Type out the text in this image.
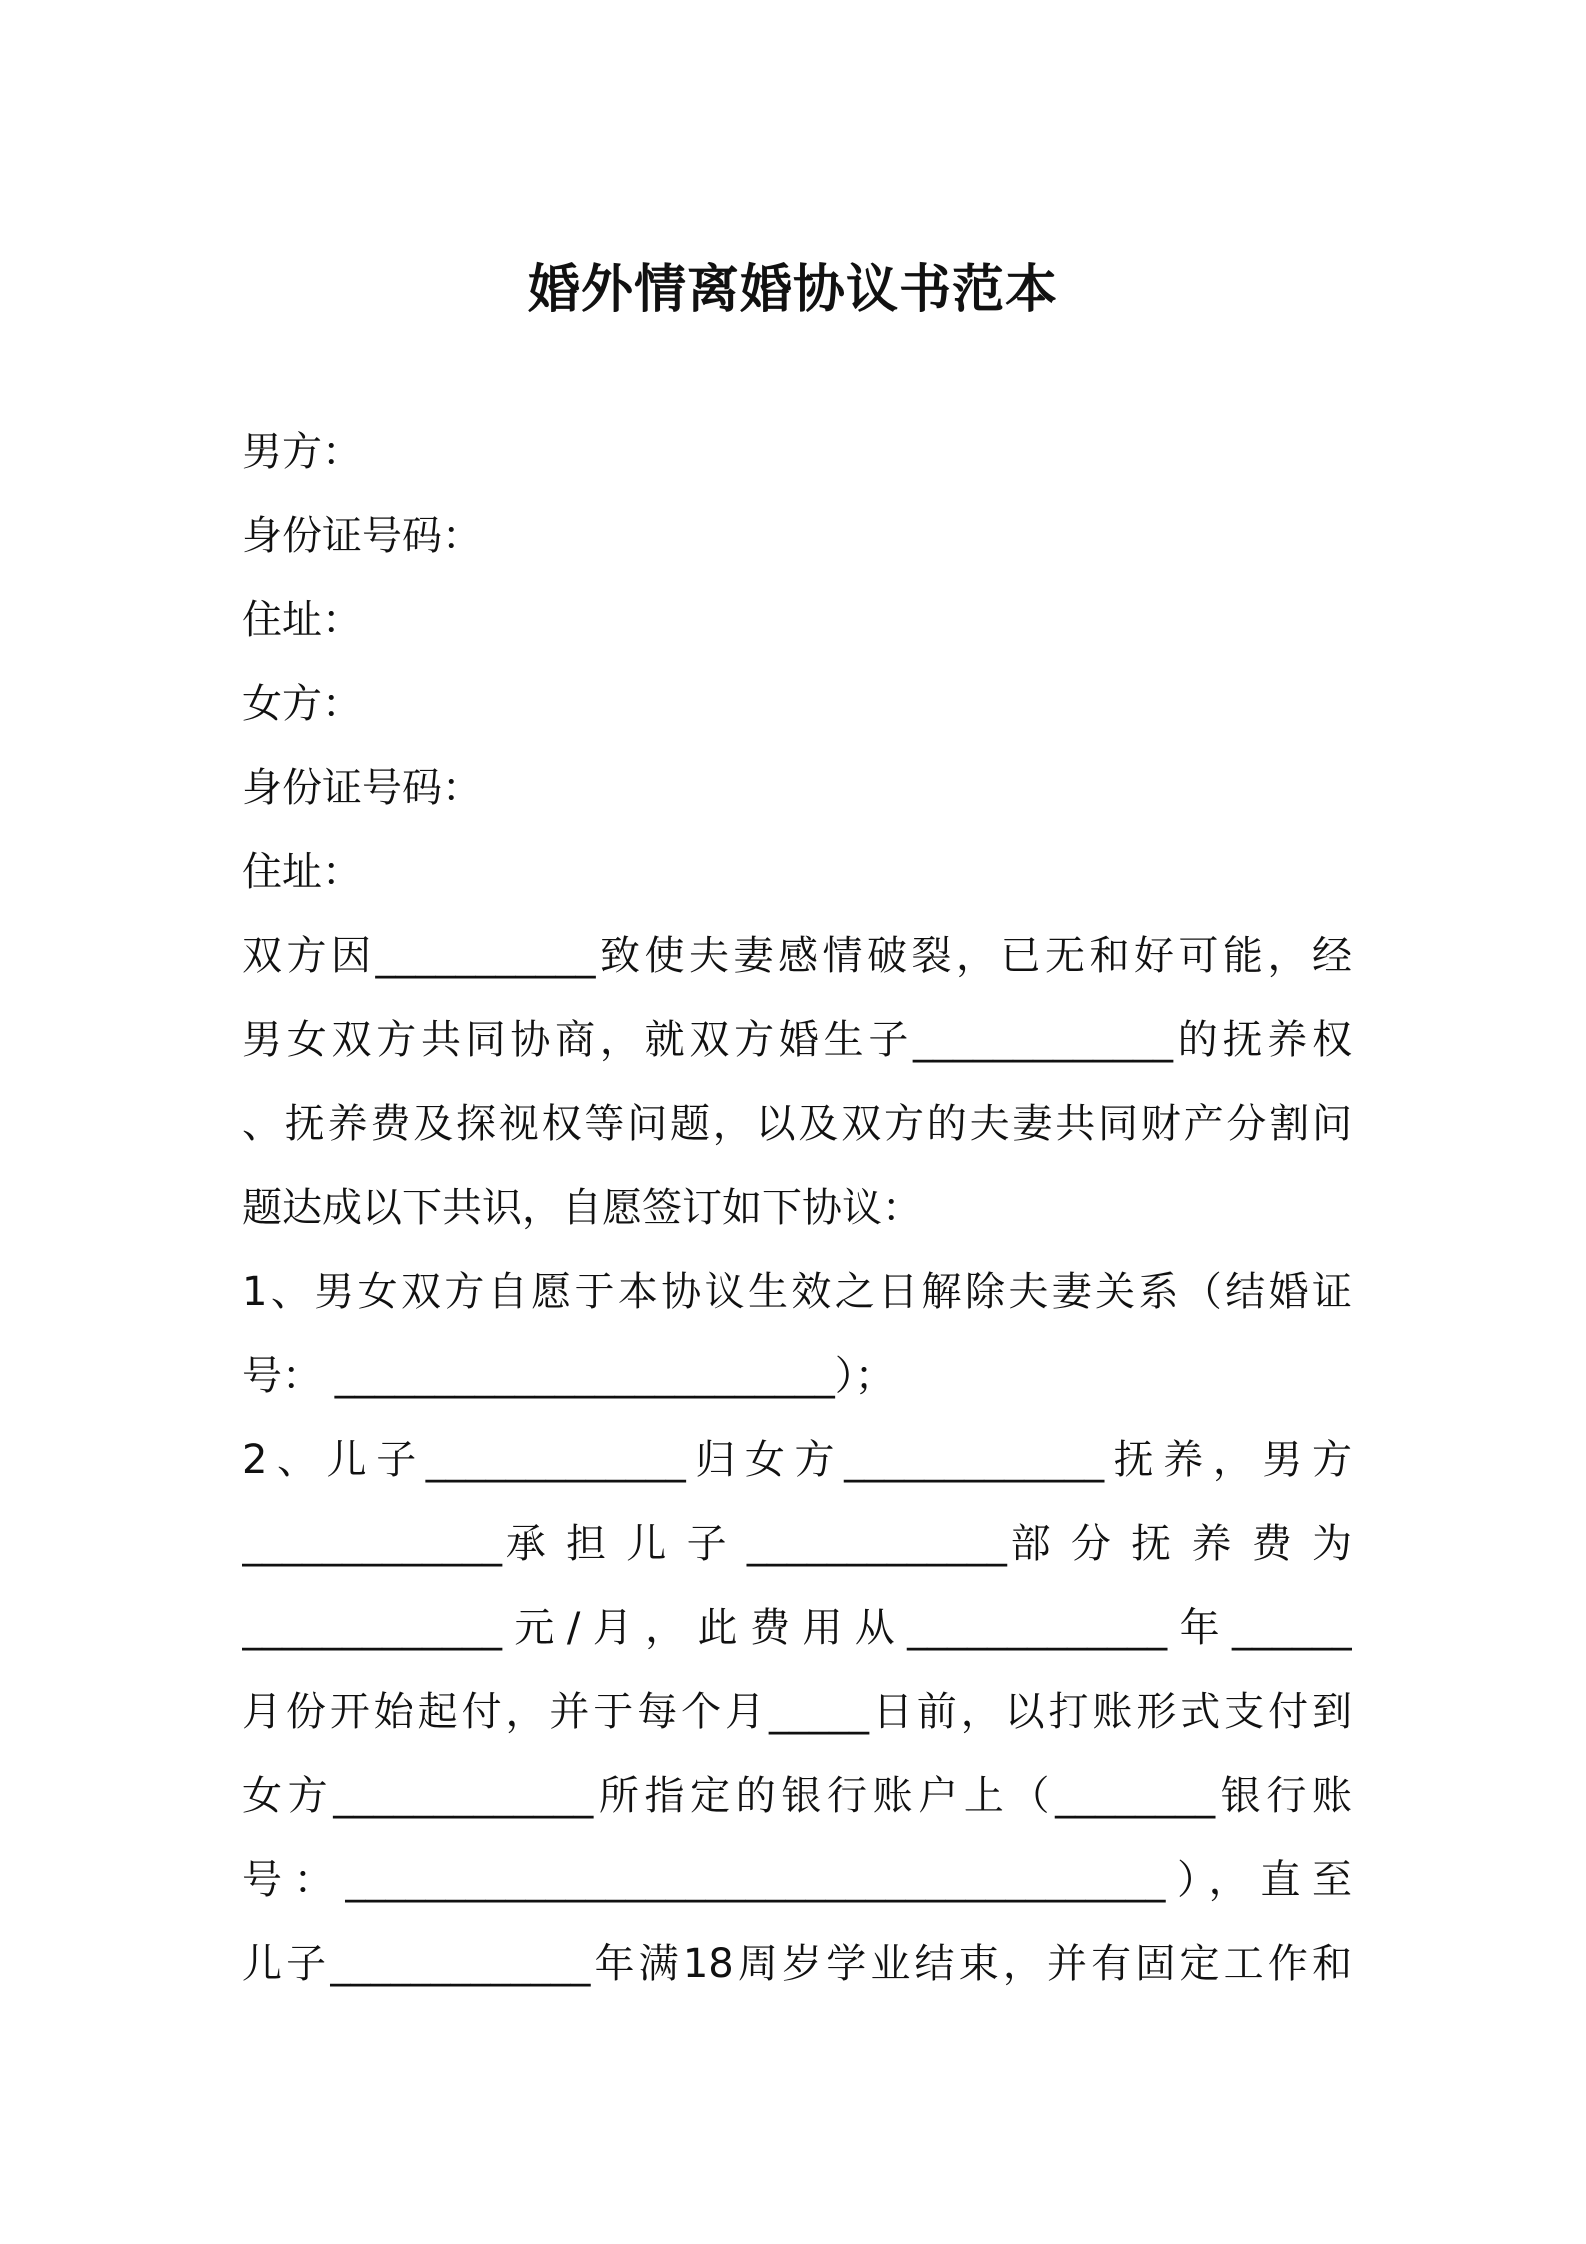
婚外情离婚协议书范本
男方：
身份证号码：
住址：
女方：
身份证号码：
住址：
双方因___________致使夫妻感情破裂，已无和好可能，经
男女双方共同协商，就双方婚生子_____________的抚养权
、抚养费及探视权等问题，以及双方的夫妻共同财产分割问
题达成以下共识，自愿签订如下协议：
1、男女双方自愿于本协议生效之日解除夫妻关系（结婚证
号： _________________________）；
2、儿子_____________归女方_____________抚养，男方
_____________承 担 儿 子 _____________部 分 抚 养 费 为
_____________元/月，此费用从_____________年______
月份开始起付，并于每个月_____日前，以打账形式支付到
女方_____________所指定的银行账户上（________银行账
号：_________________________________________），直至
儿子_____________年满18周岁学业结束，并有固定工作和
